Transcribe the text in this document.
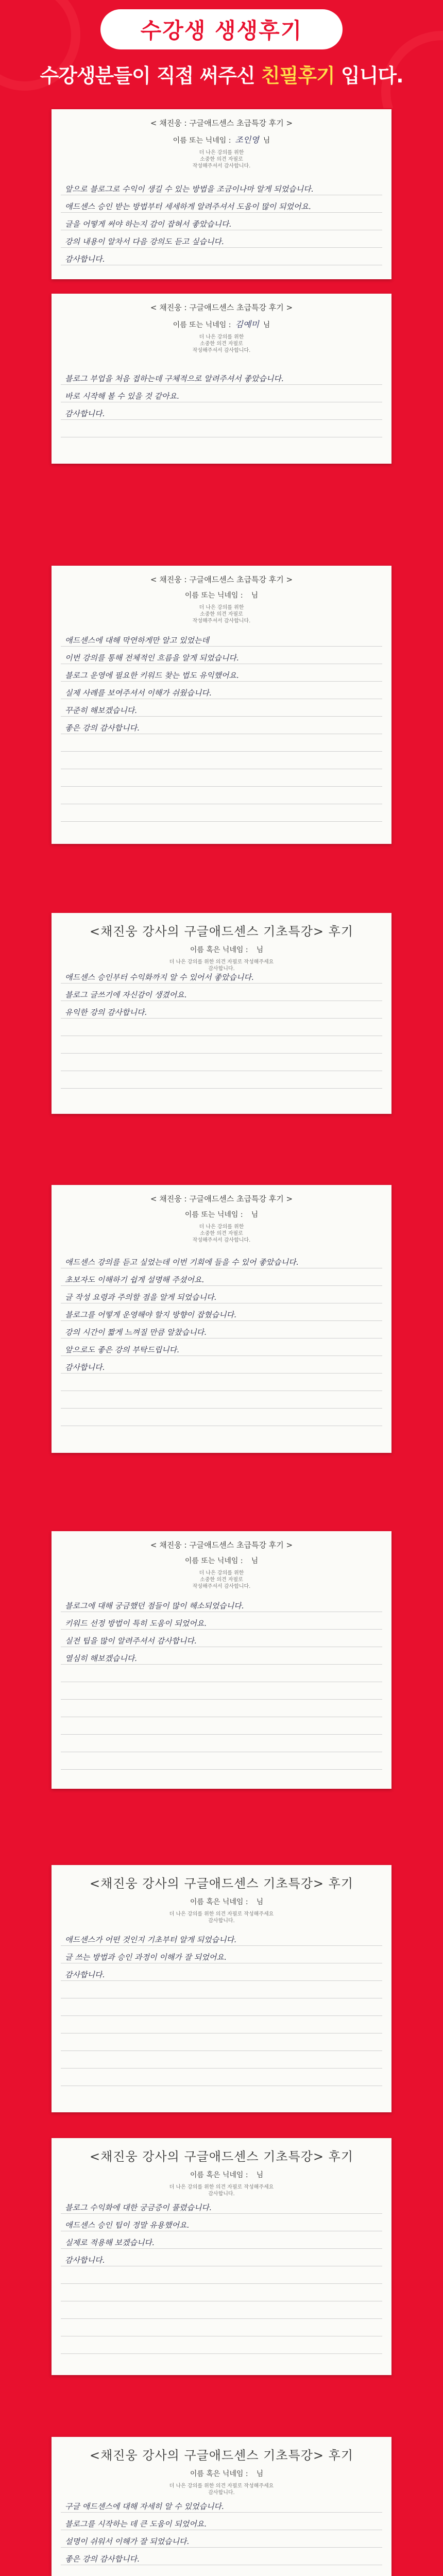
수강생 생생후기
수강생분들이 직접 써주신 친필후기 입니다.
< 채진웅 : 구글애드센스 초급특강 후기 >
이름 또는 닉네임 : 조인영 님
더 나은 강의를 위한
소중한 의견 자필로
작성해주셔서 감사합니다.
앞으로 블로그로 수익이 생길 수 있는 방법을 조금이나마 알게 되었습니다.
애드센스 승인 받는 방법부터 세세하게 알려주셔서 도움이 많이 되었어요.
글을 어떻게 써야 하는지 감이 잡혀서 좋았습니다.
강의 내용이 알차서 다음 강의도 듣고 싶습니다.
감사합니다.
< 채진웅 : 구글애드센스 초급특강 후기 >
이름 또는 닉네임 : 김예미 님
더 나은 강의를 위한
소중한 의견 자필로
작성해주셔서 감사합니다.
블로그 부업을 처음 접하는데 구체적으로 알려주셔서 좋았습니다.
바로 시작해 볼 수 있을 것 같아요.
감사합니다.
< 채진웅 : 구글애드센스 초급특강 후기 >
이름 또는 닉네임 : 님
더 나은 강의를 위한
소중한 의견 자필로
작성해주셔서 감사합니다.
애드센스에 대해 막연하게만 알고 있었는데
이번 강의를 통해 전체적인 흐름을 알게 되었습니다.
블로그 운영에 필요한 키워드 찾는 법도 유익했어요.
실제 사례를 보여주셔서 이해가 쉬웠습니다.
꾸준히 해보겠습니다.
좋은 강의 감사합니다.
<채진웅 강사의 구글애드센스 기초특강> 후기
이름 혹은 닉네임 : 님
더 나은 강의를 위한 의견 자필로 작성해주세요
감사합니다.
애드센스 승인부터 수익화까지 알 수 있어서 좋았습니다.
블로그 글쓰기에 자신감이 생겼어요.
유익한 강의 감사합니다.
< 채진웅 : 구글애드센스 초급특강 후기 >
이름 또는 닉네임 : 님
더 나은 강의를 위한
소중한 의견 자필로
작성해주셔서 감사합니다.
애드센스 강의를 듣고 싶었는데 이번 기회에 들을 수 있어 좋았습니다.
초보자도 이해하기 쉽게 설명해 주셨어요.
글 작성 요령과 주의할 점을 알게 되었습니다.
블로그를 어떻게 운영해야 할지 방향이 잡혔습니다.
강의 시간이 짧게 느껴질 만큼 알찼습니다.
앞으로도 좋은 강의 부탁드립니다.
감사합니다.
< 채진웅 : 구글애드센스 초급특강 후기 >
이름 또는 닉네임 : 님
더 나은 강의를 위한
소중한 의견 자필로
작성해주셔서 감사합니다.
블로그에 대해 궁금했던 점들이 많이 해소되었습니다.
키워드 선정 방법이 특히 도움이 되었어요.
실전 팁을 많이 알려주셔서 감사합니다.
열심히 해보겠습니다.
<채진웅 강사의 구글애드센스 기초특강> 후기
이름 혹은 닉네임 : 님
더 나은 강의를 위한 의견 자필로 작성해주세요
감사합니다.
애드센스가 어떤 것인지 기초부터 알게 되었습니다.
글 쓰는 방법과 승인 과정이 이해가 잘 되었어요.
감사합니다.
<채진웅 강사의 구글애드센스 기초특강> 후기
이름 혹은 닉네임 : 님
더 나은 강의를 위한 의견 자필로 작성해주세요
감사합니다.
블로그 수익화에 대한 궁금증이 풀렸습니다.
애드센스 승인 팁이 정말 유용했어요.
실제로 적용해 보겠습니다.
감사합니다.
<채진웅 강사의 구글애드센스 기초특강> 후기
이름 혹은 닉네임 : 님
더 나은 강의를 위한 의견 자필로 작성해주세요
감사합니다.
구글 애드센스에 대해 자세히 알 수 있었습니다.
블로그를 시작하는 데 큰 도움이 되었어요.
설명이 쉬워서 이해가 잘 되었습니다.
좋은 강의 감사합니다.
